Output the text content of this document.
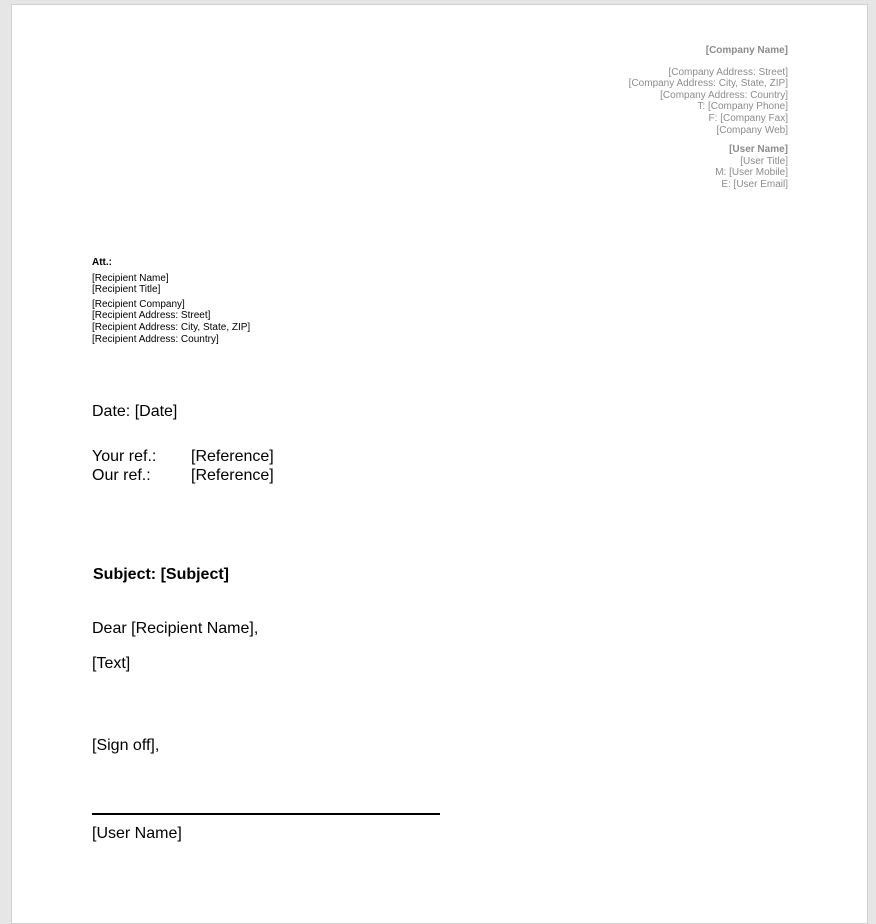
[Company Name]
[Company Address: Street]
[Company Address: City, State, ZIP]
[Company Address: Country]
T: [Company Phone]
F: [Company Fax]
[Company Web]
[User Name]
[User Title]
M: [User Mobile]
E: [User Email]
Att.:
[Recipient Name]
[Recipient Title]
[Recipient Company]
[Recipient Address: Street]
[Recipient Address: City, State, ZIP]
[Recipient Address: Country]
Date: [Date]
Your ref.:	[Reference]
Our ref.:	[Reference]
Subject: [Subject]
Dear [Recipient Name],
[Text]
[Sign off],
[User Name]
